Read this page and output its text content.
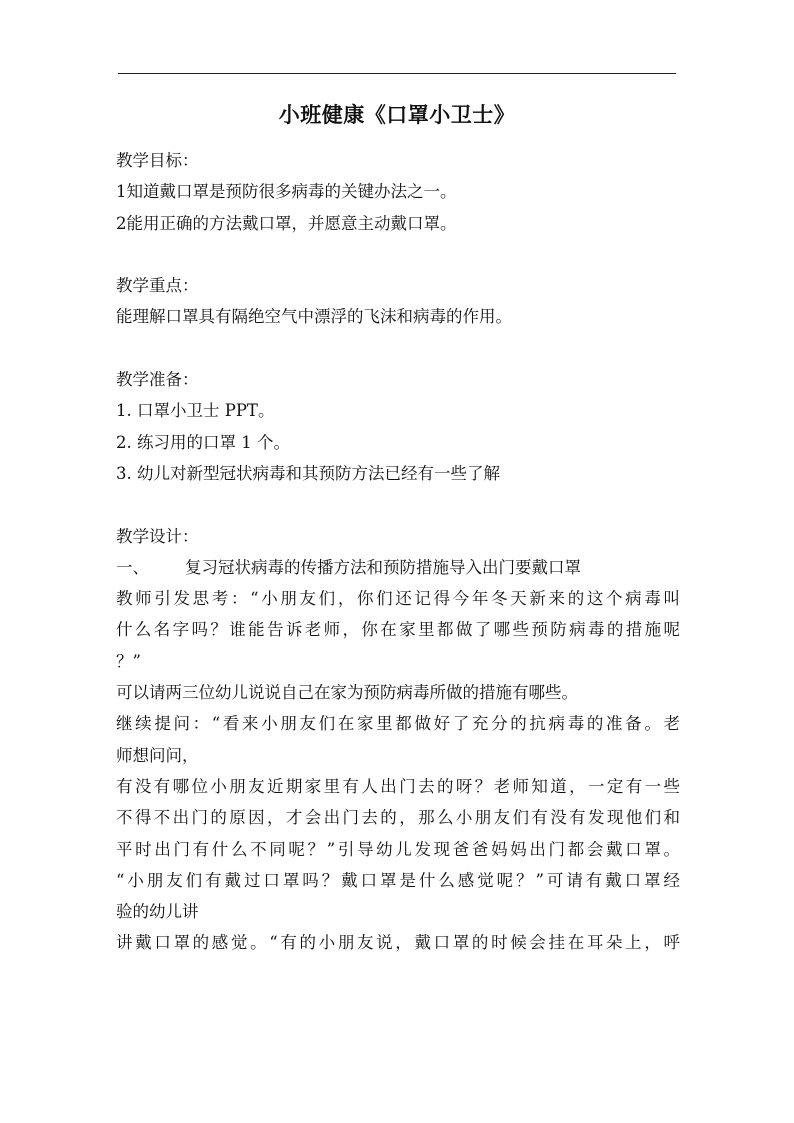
小班健康《口罩小卫士》
教学目标：
1知道戴口罩是预防很多病毒的关键办法之一。
2能用正确的方法戴口罩，并愿意主动戴口罩。
教学重点：
能理解口罩具有隔绝空气中漂浮的飞沫和病毒的作用。
教学准备：
1. 口罩小卫士 PPT。
2. 练习用的口罩 1 个。
3. 幼儿对新型冠状病毒和其预防方法已经有一些了解
教学设计：
一、 复习冠状病毒的传播方法和预防措施导入出门要戴口罩
教师引发思考：“小朋友们，你们还记得今年冬天新来的这个病毒叫
什么名字吗？谁能告诉老师，你在家里都做了哪些预防病毒的措施呢
？”
可以请两三位幼儿说说自己在家为预防病毒所做的措施有哪些。
继续提问：“看来小朋友们在家里都做好了充分的抗病毒的准备。老
师想问问，
有没有哪位小朋友近期家里有人出门去的呀？老师知道，一定有一些
不得不出门的原因，才会出门去的，那么小朋友们有没有发现他们和
平时出门有什么不同呢？”引导幼儿发现爸爸妈妈出门都会戴口罩。
“小朋友们有戴过口罩吗？戴口罩是什么感觉呢？”可请有戴口罩经
验的幼儿讲
讲戴口罩的感觉。“有的小朋友说，戴口罩的时候会挂在耳朵上，呼
